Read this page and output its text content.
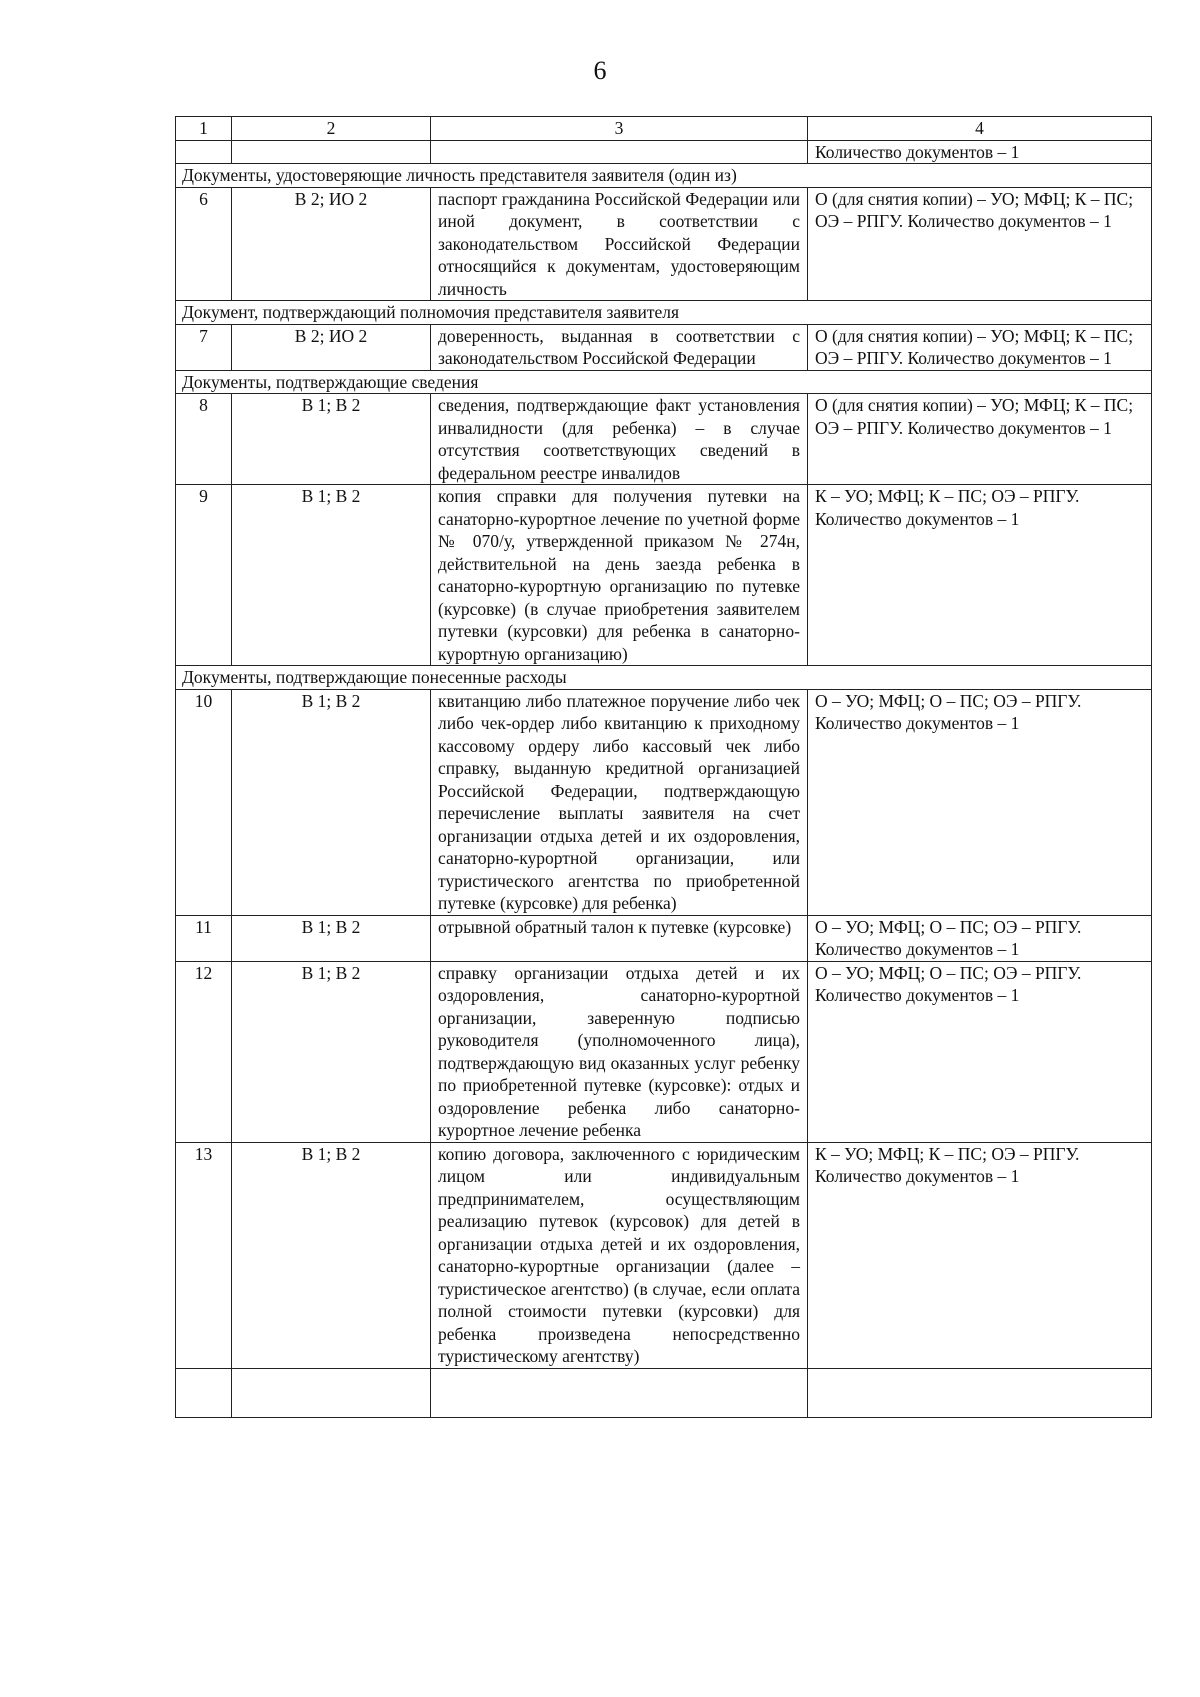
6
1	2	3	4
			Количество документов – 1
Документы, удостоверяющие личность представителя заявителя (один из)			
6	В 2; ИО 2	паспорт гражданина Российской Федерации или иной документ, в соответствии с законодательством Российской Федерации относящийся к документам, удостоверяющим личность	О (для снятия копии) – УО; МФЦ; К – ПС; ОЭ – РПГУ. Количество документов – 1
Документ, подтверждающий полномочия представителя заявителя			
7	В 2; ИО 2	доверенность, выданная в соответствии с законодательством Российской Федерации	О (для снятия копии) – УО; МФЦ; К – ПС; ОЭ – РПГУ. Количество документов – 1
Документы, подтверждающие сведения			
8	В 1; В 2	сведения, подтверждающие факт установления инвалидности (для ребенка) – в случае отсутствия соответствующих сведений в федеральном реестре инвалидов	О (для снятия копии) – УО; МФЦ; К – ПС; ОЭ – РПГУ. Количество документов – 1
9	В 1; В 2	копия справки для получения путевки на санаторно-курортное лечение по учетной форме № 070/у, утвержденной приказом № 274н, действительной на день заезда ребенка в санаторно-курортную организацию по путевке (курсовке) (в случае приобретения заявителем путевки (курсовки) для ребенка в санаторно-курортную организацию)	К – УО; МФЦ; К – ПС; ОЭ – РПГУ. Количество документов – 1
Документы, подтверждающие понесенные расходы			
10	В 1; В 2	квитанцию либо платежное поручение либо чек либо чек-ордер либо квитанцию к приходному кассовому ордеру либо кассовый чек либо справку, выданную кредитной организацией Российской Федерации, подтверждающую перечисление выплаты заявителя на счет организации отдыха детей и их оздоровления, санаторно-курортной организации, или туристического агентства по приобретенной путевке (курсовке) для ребенка)	О – УО; МФЦ; О – ПС; ОЭ – РПГУ. Количество документов – 1
11	В 1; В 2	отрывной обратный талон к путевке (курсовке)	О – УО; МФЦ; О – ПС; ОЭ – РПГУ. Количество документов – 1
12	В 1; В 2	справку организации отдыха детей и их оздоровления, санаторно-курортной организации, заверенную подписью руководителя (уполномоченного лица), подтверждающую вид оказанных услуг ребенку по приобретенной путевке (курсовке): отдых и оздоровление ребенка либо санаторно-курортное лечение ребенка	О – УО; МФЦ; О – ПС; ОЭ – РПГУ. Количество документов – 1
13	В 1; В 2	копию договора, заключенного с юридическим лицом или индивидуальным предпринимателем, осуществляющим реализацию путевок (курсовок) для детей в организации отдыха детей и их оздоровления, санаторно-курортные организации (далее – туристическое агентство) (в случае, если оплата полной стоимости путевки (курсовки) для ребенка произведена непосредственно туристическому агентству)	К – УО; МФЦ; К – ПС; ОЭ – РПГУ. Количество документов – 1
